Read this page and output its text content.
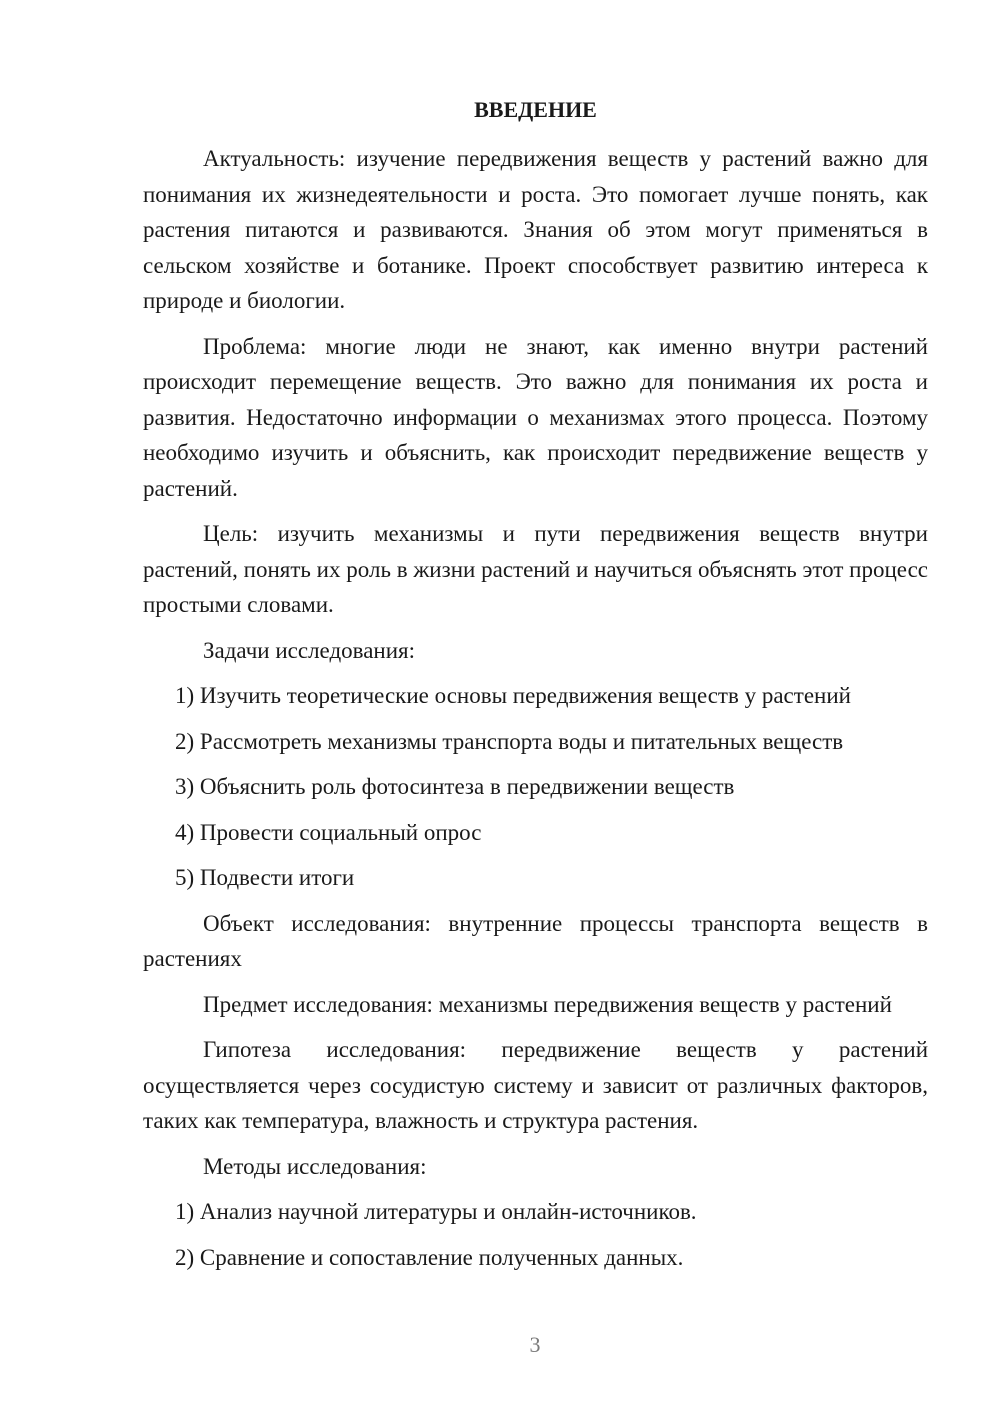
ВВЕДЕНИЕ

Актуальность: изучение передвижения веществ у растений важно для понимания их жизнедеятельности и роста. Это помогает лучше понять, как растения питаются и развиваются. Знания об этом могут применяться в сельском хозяйстве и ботанике. Проект способствует развитию интереса к природе и биологии.

Проблема: многие люди не знают, как именно внутри растений происходит перемещение веществ. Это важно для понимания их роста и развития. Недостаточно информации о механизмах этого процесса. Поэтому необходимо изучить и объяснить, как происходит передвижение веществ у растений.

Цель: изучить механизмы и пути передвижения веществ внутри растений, понять их роль в жизни растений и научиться объяснять этот процесс простыми словами.

Задачи исследования:

1) Изучить теоретические основы передвижения веществ у растений
2) Рассмотреть механизмы транспорта воды и питательных веществ
3) Объяснить роль фотосинтеза в передвижении веществ
4) Провести социальный опрос
5) Подвести итоги

Объект исследования: внутренние процессы транспорта веществ в растениях

Предмет исследования: механизмы передвижения веществ у растений

Гипотеза исследования: передвижение веществ у растений осуществляется через сосудистую систему и зависит от различных факторов, таких как температура, влажность и структура растения.

Методы исследования:

1) Анализ научной литературы и онлайн-источников.
2) Сравнение и сопоставление полученных данных.
3
